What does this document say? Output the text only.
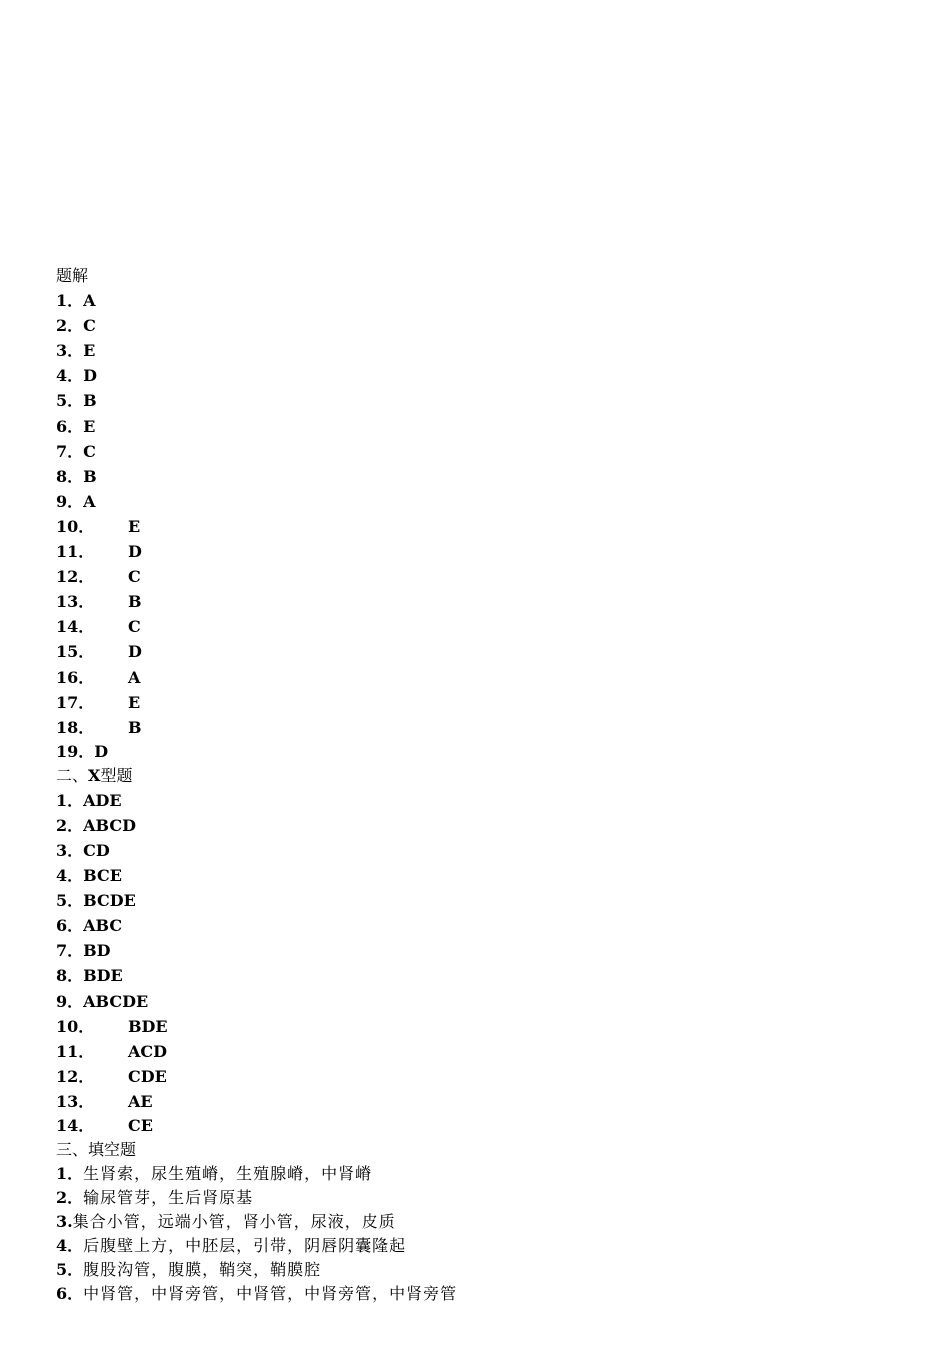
题解
1．A
2．C
3．E
4．D
5．B
6．E
7．C
8．B
9．A
10． E
11． D
12． C
13． B
14． C
15． D
16． A
17． E
18． B
19．D
二、X型题
1．ADE
2．ABCD
3．CD
4．BCE
5．BCDE
6．ABC
7．BD
8．BDE
9．ABCDE
10． BDE
11． ACD
12． CDE
13． AE
14． CE
三、填空题
1．生肾索，尿生殖嵴，生殖腺嵴，中肾嵴
2．输尿管芽，生后肾原基
3.集合小管，远端小管，肾小管，尿液，皮质
4．后腹壁上方，中胚层，引带，阴唇阴囊隆起
5．腹股沟管，腹膜，鞘突，鞘膜腔
6．中肾管，中肾旁管，中肾管，中肾旁管，中肾旁管
